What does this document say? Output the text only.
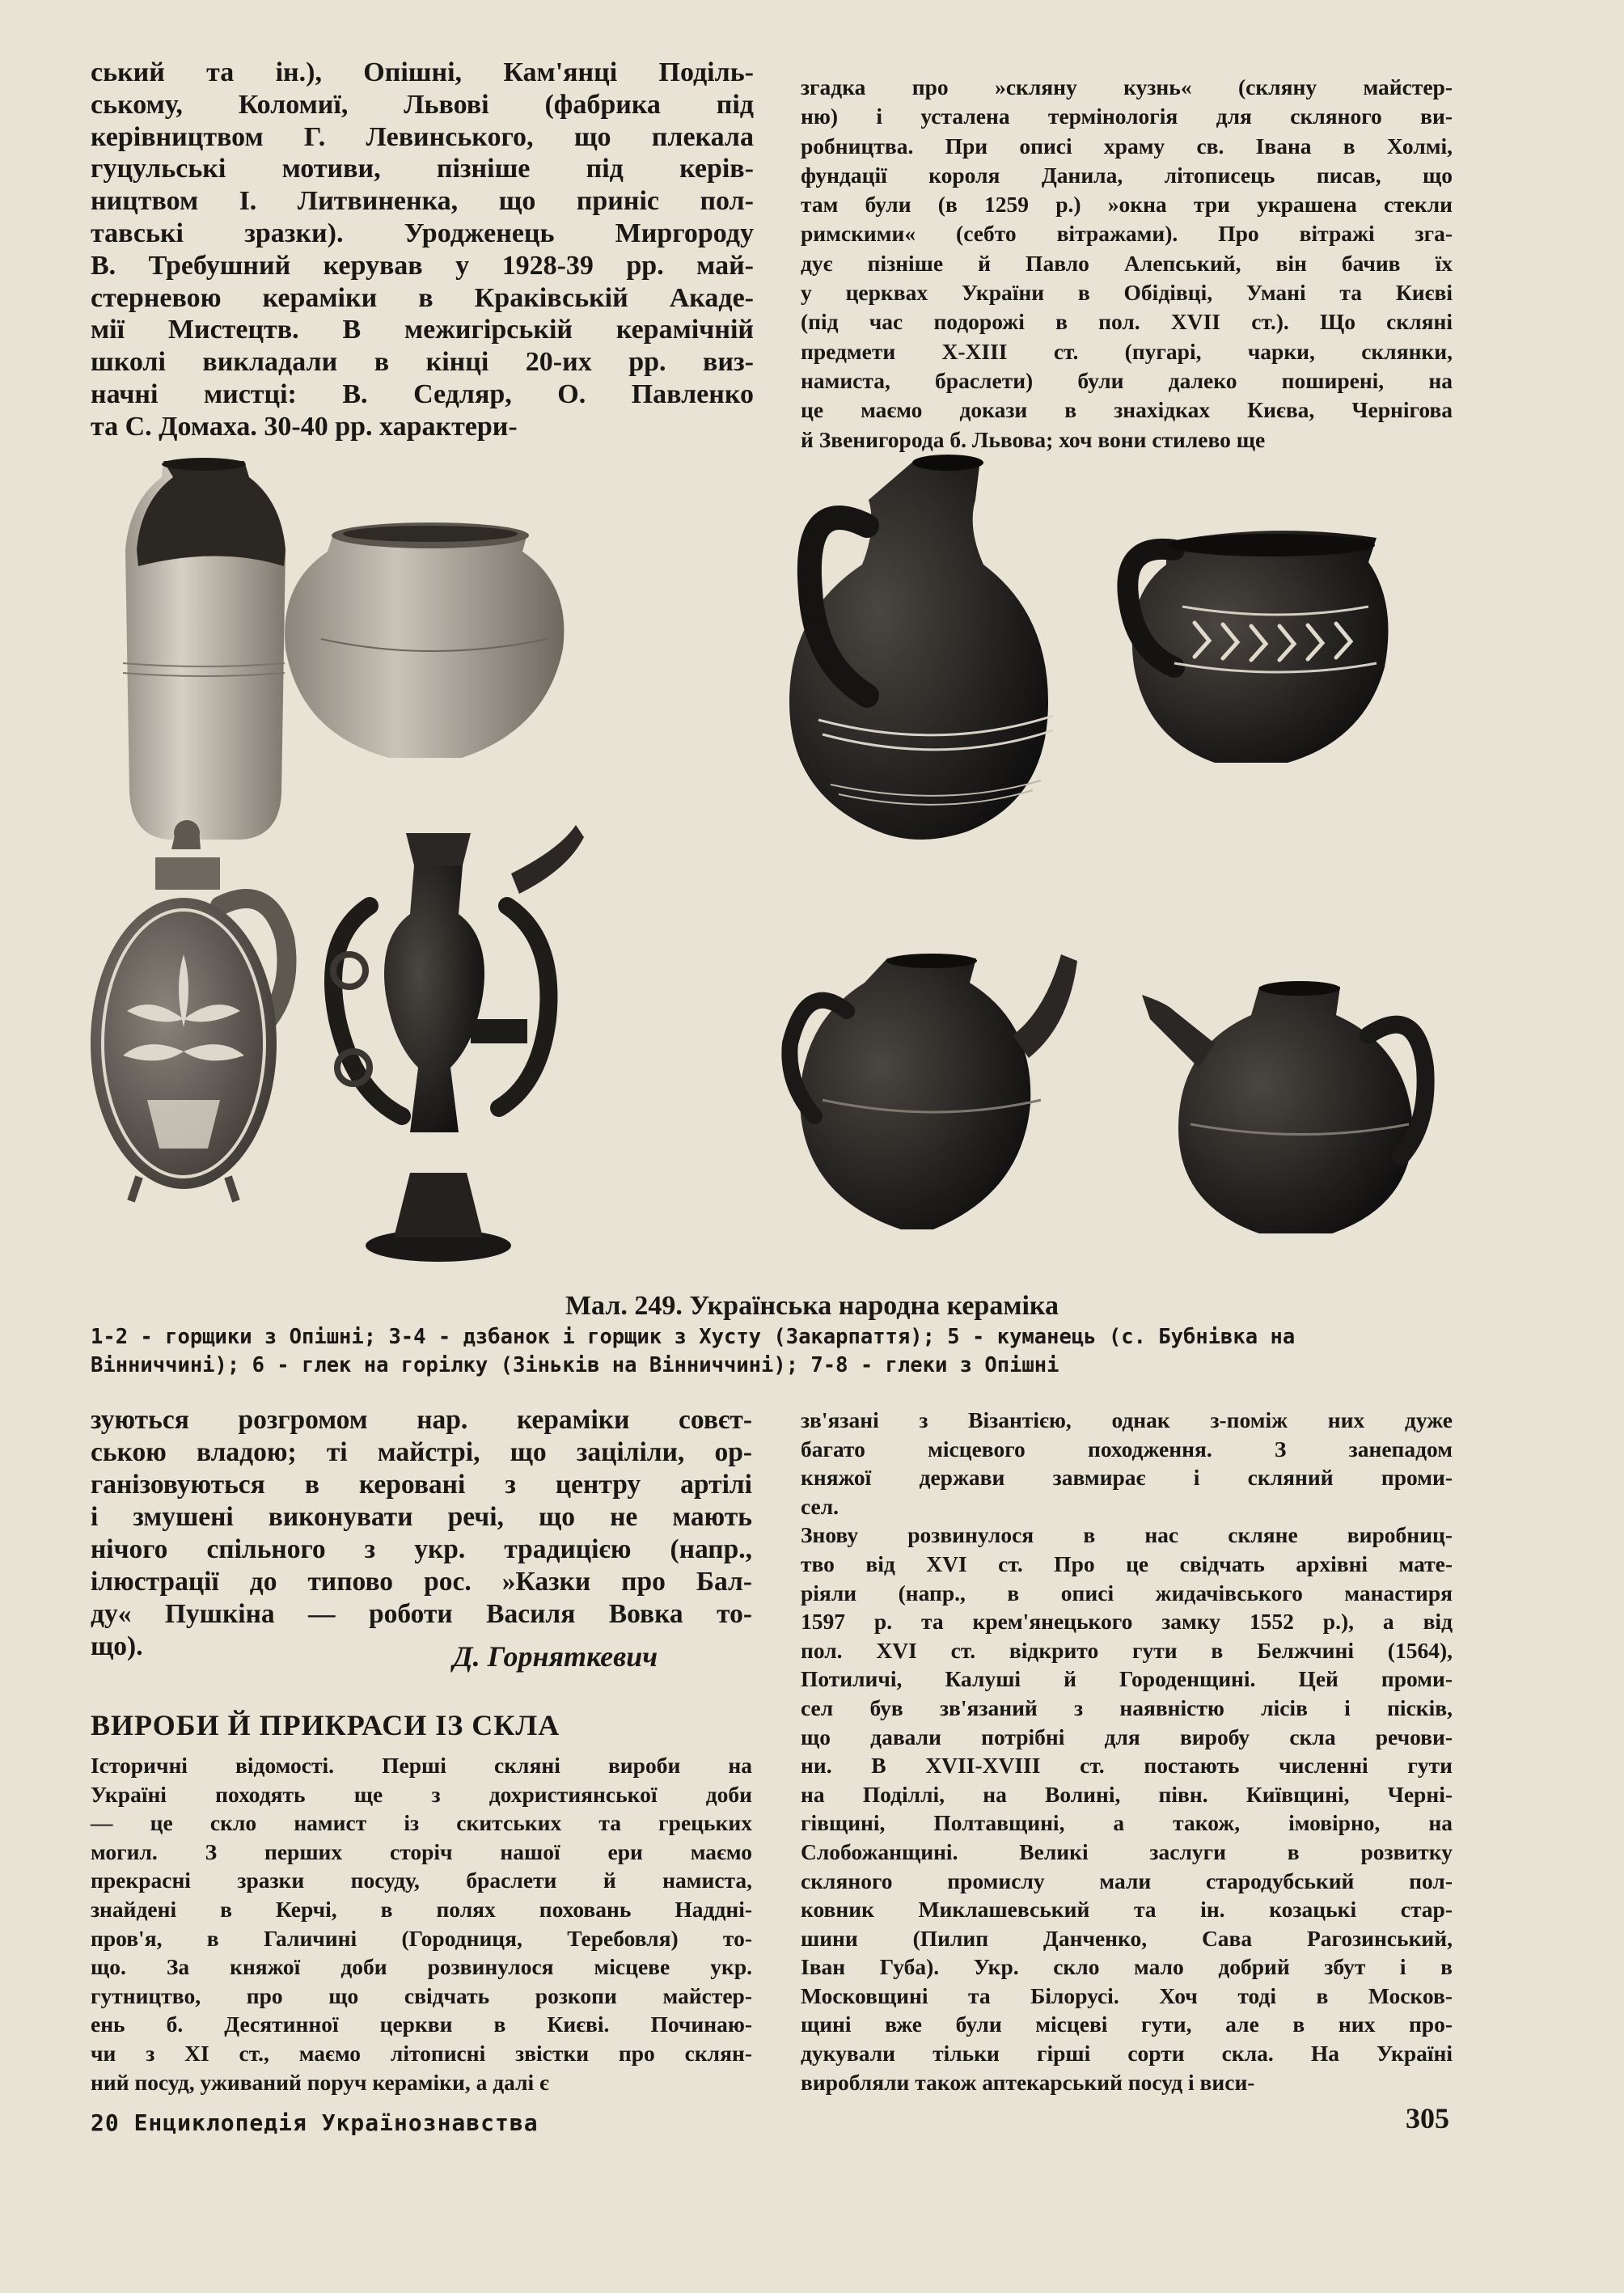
ський та ін.), Опішні, Кам'янці Поділь-
ському, Коломиї, Львові (фабрика під
керівництвом Г. Левинського, що плекала
гуцульські мотиви, пізніше під керів-
ництвом І. Литвиненка, що приніс пол-
тавські зразки). Уродженець Миргороду
В. Требушний керував у 1928-39 рр. май-
стерневою кераміки в Краківській Акаде-
мії Мистецтв. В межигірській керамічній
школі викладали в кінці 20-их рр. виз-
начні мистці: В. Седляр, О. Павленко
та С. Домаха. 30-40 рр. характери-
згадка про »скляну кузнь« (скляну майстер-
ню) і усталена термінологія для скляного ви-
робництва. При описі храму св. Івана в Холмі,
фундації короля Данила, літописець писав, що
там були (в 1259 р.) »окна три украшена стекли
римскими« (себто вітражами). Про вітражі зга-
дує пізніше й Павло Алепський, він бачив їх
у церквах України в Обідівці, Умані та Києві
(під час подорожі в пол. XVII ст.). Що скляні
предмети X-XIII ст. (пугарі, чарки, склянки,
намиста, браслети) були далеко поширені, на
це маємо докази в знахідках Києва, Чернігова
й Звенигорода б. Львова; хоч вони стилево ще
Мал. 249. Українська народна кераміка
1-2 - горщики з Опішні; 3-4 - дзбанок і горщик з Хусту (Закарпаття); 5 - куманець (с. Бубнівка на Вінниччині); 6 - глек на горілку (Зіньків на Вінниччині); 7-8 - глеки з Опішні
зуються розгромом нар. кераміки совєт-
ською владою; ті майстрі, що заціліли, ор-
ганізовуються в керовані з центру артілі
і змушені виконувати речі, що не мають
нічого спільного з укр. традицією (напр.,
ілюстрації до типово рос. »Казки про Бал-
ду« Пушкіна — роботи Василя Вовка то-
що).	Д. Горняткевич
ВИРОБИ Й ПРИКРАСИ ІЗ СКЛА
Історичні відомості. Перші скляні вироби на
Україні походять ще з дохристиянської доби
— це скло намист із скитських та грецьких
могил. З перших сторіч нашої ери маємо
прекрасні зразки посуду, браслети й намиста,
знайдені в Керчі, в полях поховань Наддні-
пров'я, в Галичині (Городниця, Теребовля) то-
що. За княжої доби розвинулося місцеве укр.
гутництво, про що свідчать розкопи майстер-
ень б. Десятинної церкви в Києві. Починаю-
чи з XI ст., маємо літописні звістки про склян-
ний посуд, уживаний поруч кераміки, а далі є
зв'язані з Візантією, однак з-поміж них дуже
багато місцевого походження. З занепадом
княжої держави завмирає і скляний проми-
сел.
Знову розвинулося в нас скляне виробниц-
тво від XVI ст. Про це свідчать архівні мате-
ріяли (напр., в описі жидачівського манастиря
1597 р. та крем'янецького замку 1552 р.), а від
пол. XVI ст. відкрито гути в Белжчині (1564),
Потиличі, Калуші й Городенщині. Цей проми-
сел був зв'язаний з наявністю лісів і пісків,
що давали потрібні для виробу скла речови-
ни. В XVII-XVIII ст. постають численні гути
на Поділлі, на Волині, півн. Київщині, Черні-
гівщині, Полтавщині, а також, імовірно, на
Слобожанщині. Великі заслуги в розвитку
скляного промислу мали стародубський пол-
ковник Миклашевський та ін. козацькі стар-
шини (Пилип Данченко, Сава Рагозинський,
Іван Губа). Укр. скло мало добрий збут і в
Московщині та Білорусі. Хоч тоді в Москов-
щині вже були місцеві гути, але в них про-
дукували тільки гірші сорти скла. На Україні
виробляли також аптекарський посуд і виси-
20 Енциклопедія Українознавства	305
